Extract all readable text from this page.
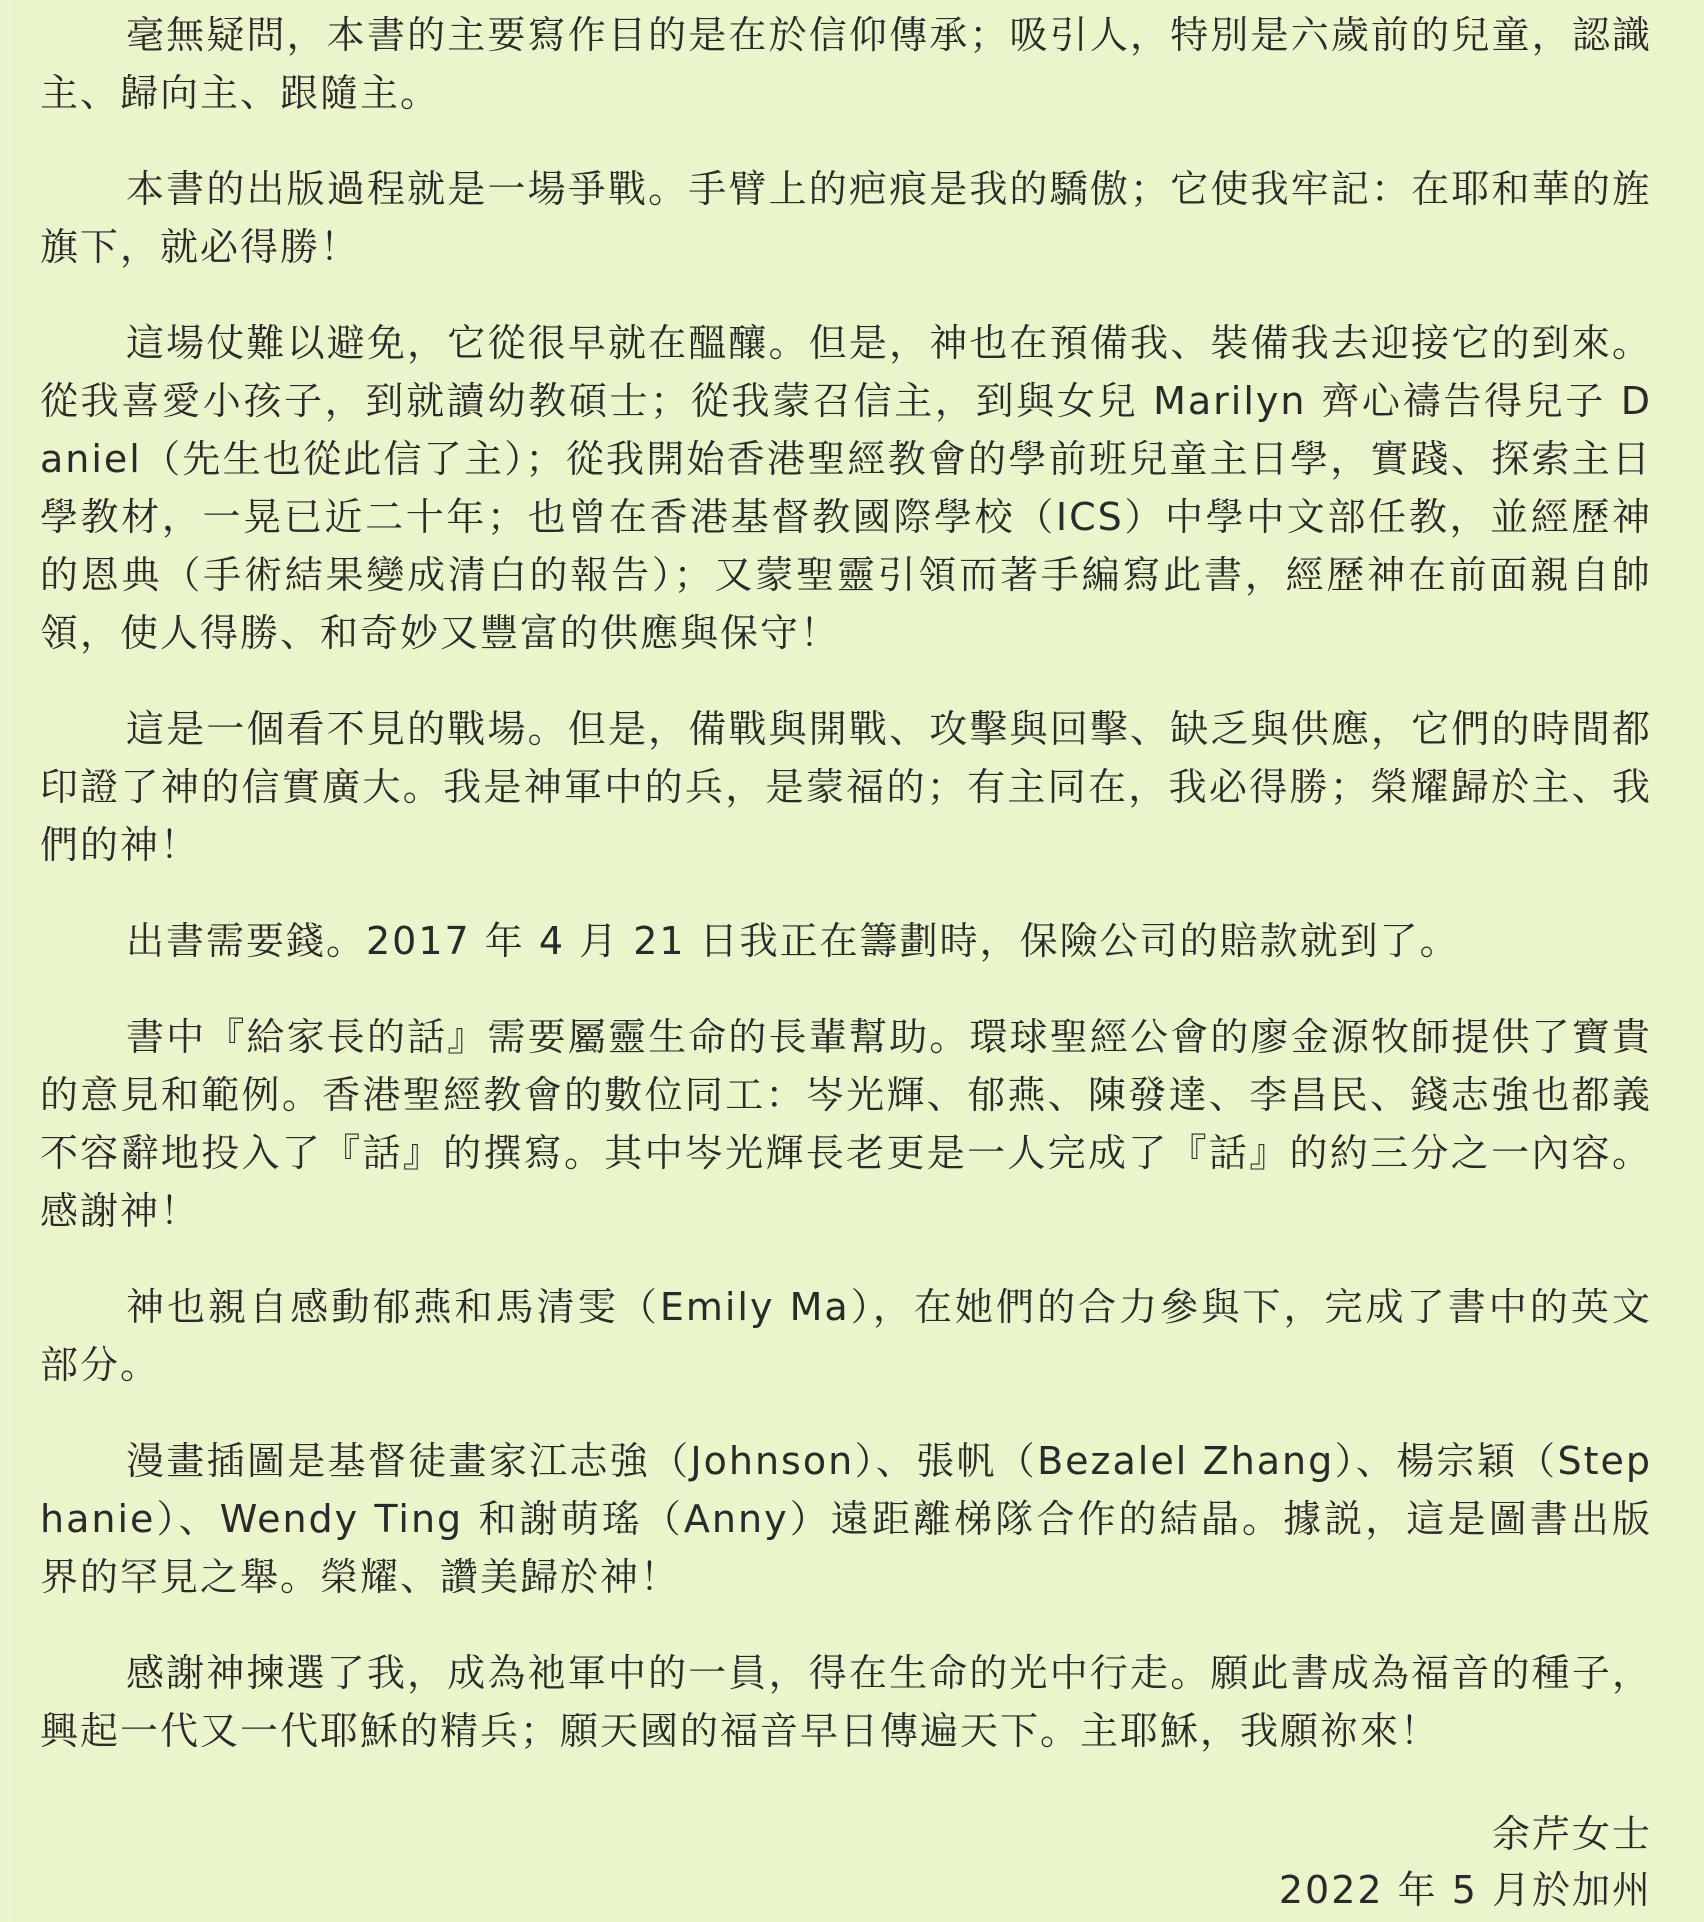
毫無疑問，本書的主要寫作目的是在於信仰傳承；吸引人，特別是六歲前的兒童，認識主、歸向主、跟隨主。

本書的出版過程就是一場爭戰。手臂上的疤痕是我的驕傲；它使我牢記：在耶和華的旌旗下，就必得勝！

這場仗難以避免，它從很早就在醞釀。但是，神也在預備我、裝備我去迎接它的到來。從我喜愛小孩子，到就讀幼教碩士；從我蒙召信主，到與女兒 Marilyn 齊心禱告得兒子 Daniel（先生也從此信了主）；從我開始香港聖經教會的學前班兒童主日學，實踐、探索主日學教材，一晃已近二十年；也曾在香港基督教國際學校（ICS）中學中文部任教，並經歷神的恩典（手術結果變成清白的報告）；又蒙聖靈引領而著手編寫此書，經歷神在前面親自帥領，使人得勝、和奇妙又豐富的供應與保守！

這是一個看不見的戰場。但是，備戰與開戰、攻擊與回擊、缺乏與供應，它們的時間都印證了神的信實廣大。我是神軍中的兵，是蒙福的；有主同在，我必得勝；榮耀歸於主、我們的神！

出書需要錢。2017 年 4 月 21 日我正在籌劃時，保險公司的賠款就到了。

書中『給家長的話』需要屬靈生命的長輩幫助。環球聖經公會的廖金源牧師提供了寶貴的意見和範例。香港聖經教會的數位同工：岑光輝、郁燕、陳發達、李昌民、錢志強也都義不容辭地投入了『話』的撰寫。其中岑光輝長老更是一人完成了『話』的約三分之一內容。感謝神！

神也親自感動郁燕和馬清雯（Emily Ma），在她們的合力參與下，完成了書中的英文部分。

漫畫插圖是基督徒畫家江志強（Johnson）、張帆（Bezalel Zhang）、楊宗穎（Stephanie）、Wendy Ting 和謝萌瑤（Anny）遠距離梯隊合作的結晶。據説，這是圖書出版界的罕見之舉。榮耀、讚美歸於神！

感謝神揀選了我，成為祂軍中的一員，得在生命的光中行走。願此書成為福音的種子，興起一代又一代耶穌的精兵；願天國的福音早日傳遍天下。主耶穌，我願祢來！

余芹女士
2022 年 5 月於加州
